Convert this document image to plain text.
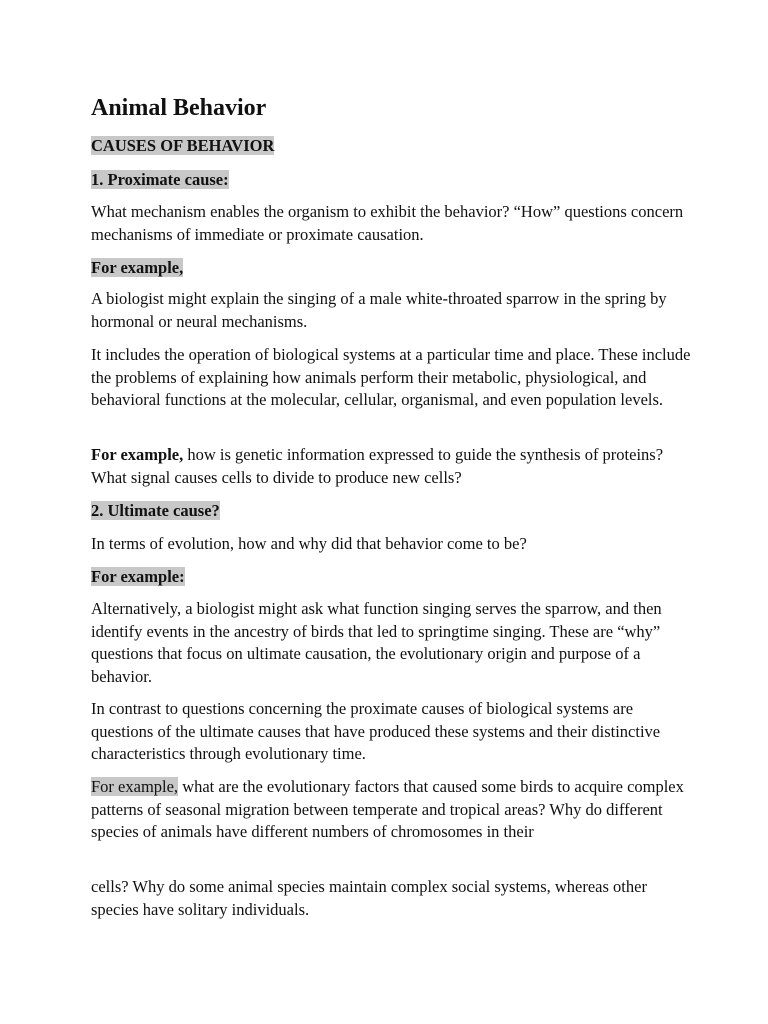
Animal Behavior

CAUSES OF BEHAVIOR

1. Proximate cause:

What mechanism enables the organism to exhibit the behavior? “How” questions concern mechanisms of immediate or proximate causation.

For example,

A biologist might explain the singing of a male white-throated sparrow in the spring by hormonal or neural mechanisms.

It includes the operation of biological systems at a particular time and place. These include the problems of explaining how animals perform their metabolic, physiological, and behavioral functions at the molecular, cellular, organismal, and even population levels.

For example, how is genetic information expressed to guide the synthesis of proteins? What signal causes cells to divide to produce new cells?

2. Ultimate cause?

In terms of evolution, how and why did that behavior come to be?

For example:

Alternatively, a biologist might ask what function singing serves the sparrow, and then identify events in the ancestry of birds that led to springtime singing. These are “why” questions that focus on ultimate causation, the evolutionary origin and purpose of a behavior.

In contrast to questions concerning the proximate causes of biological systems are questions of the ultimate causes that have produced these systems and their distinctive characteristics through evolutionary time.

For example, what are the evolutionary factors that caused some birds to acquire complex patterns of seasonal migration between temperate and tropical areas? Why do different species of animals have different numbers of chromosomes in their

cells? Why do some animal species maintain complex social systems, whereas other species have solitary individuals.
